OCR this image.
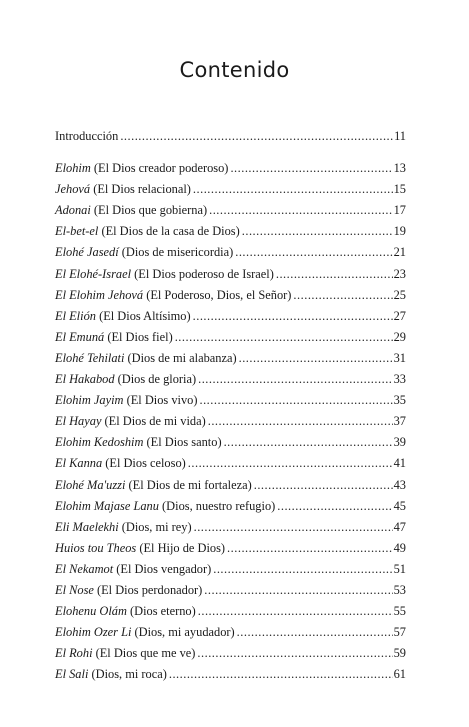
Contenido
Introducción .....	11
Elohim (El Dios creador poderoso) .....	13
Jehová (El Dios relacional) .....	15
Adonai (El Dios que gobierna) .....	17
El-bet-el (El Dios de la casa de Dios) .....	19
Elohé Jasedí (Dios de misericordia) .....	21
El Elohé-Israel (El Dios poderoso de Israel) .....	23
El Elohim Jehová (El Poderoso, Dios, el Señor) .....	25
El Elión (El Dios Altísimo) .....	27
El Emuná (El Dios fiel) .....	29
Elohé Tehilati (Dios de mi alabanza) .....	31
El Hakabod (Dios de gloria) .....	33
Elohim Jayim (El Dios vivo) .....	35
El Hayay (El Dios de mi vida) .....	37
Elohim Kedoshim (El Dios santo) .....	39
El Kanna (El Dios celoso) .....	41
Elohé Ma'uzzi (El Dios de mi fortaleza) .....	43
Elohim Majase Lanu (Dios, nuestro refugio) .....	45
Eli Maelekhi (Dios, mi rey) .....	47
Huios tou Theos (El Hijo de Dios) .....	49
El Nekamot (El Dios vengador) .....	51
El Nose (El Dios perdonador) .....	53
Elohenu Olám (Dios eterno) .....	55
Elohim Ozer Li (Dios, mi ayudador) .....	57
El Rohi (El Dios que me ve) .....	59
El Sali (Dios, mi roca) .....	61
